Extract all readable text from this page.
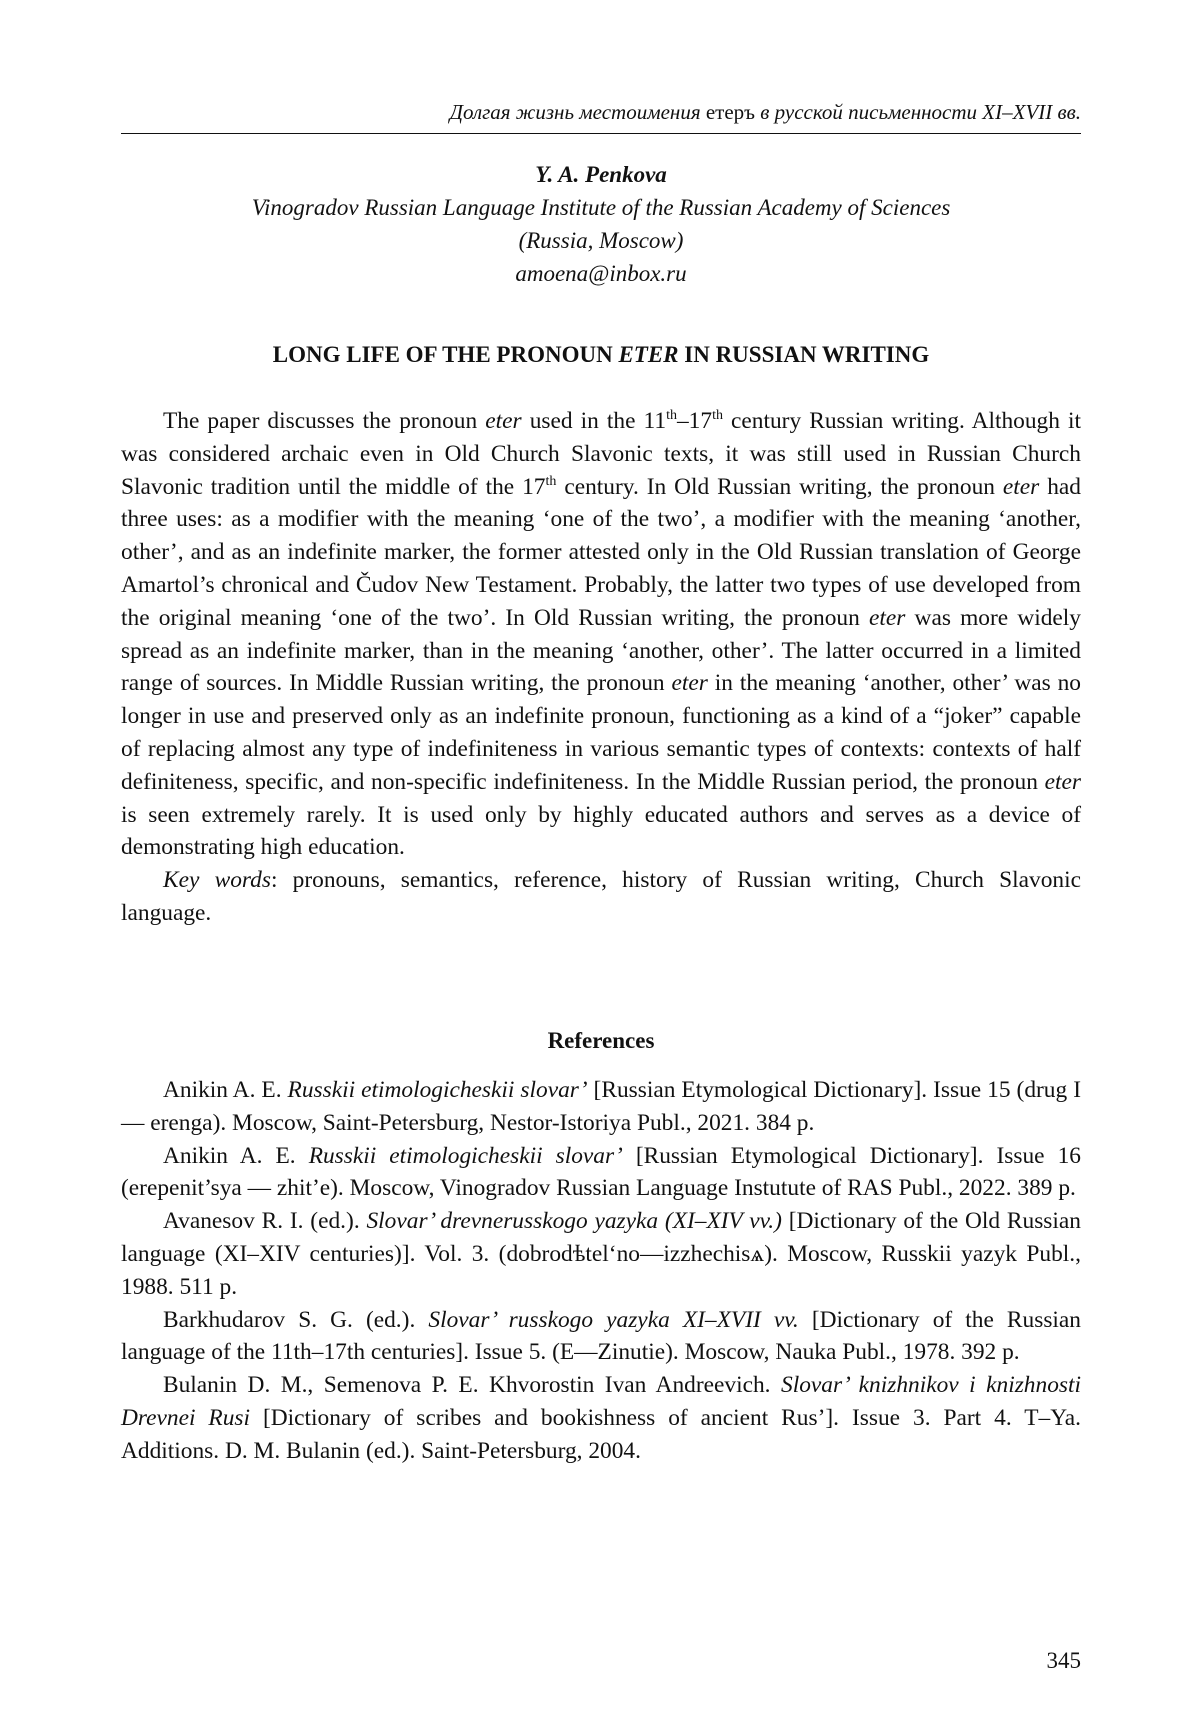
Долгая жизнь местоимения етеръ в русской письменности XI–XVII вв.
Y. A. Penkova
Vinogradov Russian Language Institute of the Russian Academy of Sciences
(Russia, Moscow)
amoena@inbox.ru
LONG LIFE OF THE PRONOUN ETER IN RUSSIAN WRITING

The paper discusses the pronoun eter used in the 11th–17th century Russian writing. Although it was considered archaic even in Old Church Slavonic texts, it was still used in Russian Church Slavonic tradition until the middle of the 17th century. In Old Russian writing, the pronoun eter had three uses: as a modifier with the meaning ‘one of the two’, a modifier with the meaning ‘another, other’, and as an indefinite marker, the former attested only in the Old Russian translation of George Amartol’s chronical and Čudov New Testament. Probably, the latter two types of use developed from the original meaning ‘one of the two’. In Old Russian writing, the pronoun eter was more widely spread as an indefinite marker, than in the meaning ‘another, other’. The latter occurred in a limited range of sources. In Middle Russian writing, the pronoun eter in the meaning ‘another, other’ was no longer in use and preserved only as an indefinite pronoun, functioning as a kind of a “joker” capable of replacing almost any type of indefiniteness in various semantic types of contexts: contexts of half definiteness, specific, and non-specific indefiniteness. In the Middle Russian period, the pronoun eter is seen extremely rarely. It is used only by highly educated authors and serves as a device of demonstrating high education.

Key words: pronouns, semantics, reference, history of Russian writing, Church Slavonic language.

References

Anikin A. E. Russkii etimologicheskii slovar’ [Russian Etymological Dictionary]. Issue 15 (drug I — erenga). Moscow, Saint-Petersburg, Nestor-Istoriya Publ., 2021. 384 p.

Anikin A. E. Russkii etimologicheskii slovar’ [Russian Etymological Dictionary]. Issue 16 (erepenit’sya — zhit’e). Moscow, Vinogradov Russian Language Instutute of RAS Publ., 2022. 389 p.

Avanesov R. I. (ed.). Slovar’ drevnerusskogo yazyka (XI–XIV vv.) [Dictionary of the Old Russian language (XI–XIV centuries)]. Vol. 3. (dobrodѣtel‘no—izzhechisѧ). Moscow, Russkii yazyk Publ., 1988. 511 p.

Barkhudarov S. G. (ed.). Slovar’ russkogo yazyka XI–XVII vv. [Dictionary of the Russian language of the 11th–17th centuries]. Issue 5. (E—Zinutie). Moscow, Nauka Publ., 1978. 392 p.

Bulanin D. M., Semenova P. E. Khvorostin Ivan Andreevich. Slovar’ knizhnikov i knizhnosti Drevnei Rusi [Dictionary of scribes and bookishness of ancient Rus’]. Issue 3. Part 4. T–Ya. Additions. D. M. Bulanin (ed.). Saint-Petersburg, 2004.

345
